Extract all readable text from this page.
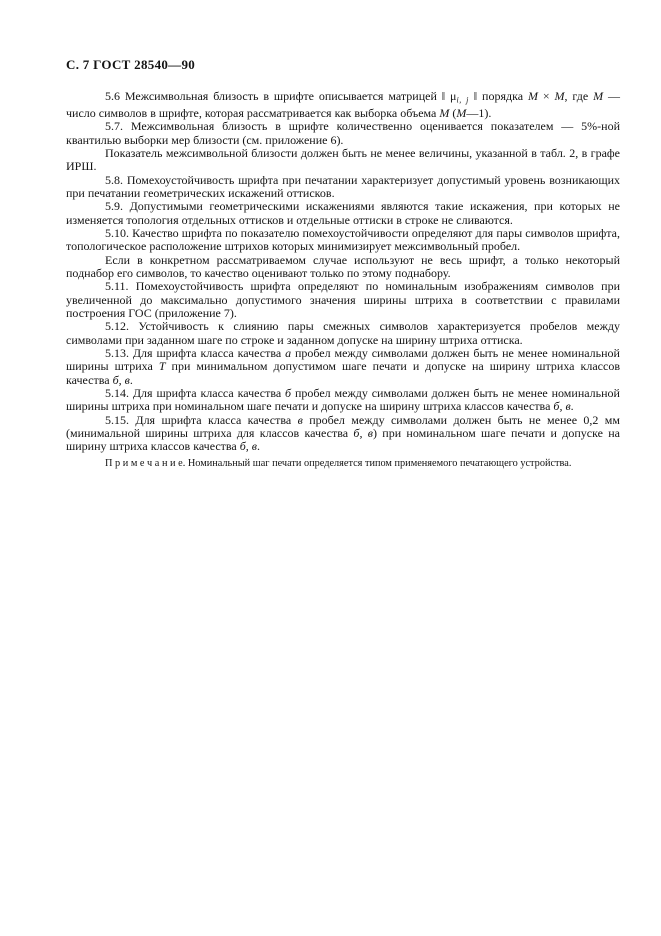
С. 7 ГОСТ 28540—90

5.6 Межсимвольная близость в шрифте описывается матрицей ‖ $\mu_{i, j}$ ‖ порядка M × M, где M — число символов в шрифте, которая рассматривается как выборка объема M (M—1).

5.7. Межсимвольная близость в шрифте количественно оценивается показателем — 5%-ной квантилью выборки мер близости (см. приложение 6).

Показатель межсимвольной близости должен быть не менее величины, указанной в табл. 2, в графе ИРШ.

5.8. Помехоустойчивость шрифта при печатании характеризует допустимый уровень возникающих при печатании геометрических искажений оттисков.

5.9. Допустимыми геометрическими искажениями являются такие искажения, при которых не изменяется топология отдельных оттисков и отдельные оттиски в строке не сливаются.

5.10. Качество шрифта по показателю помехоустойчивости определяют для пары символов шрифта, топологическое расположение штрихов которых минимизирует межсимвольный пробел.

Если в конкретном рассматриваемом случае используют не весь шрифт, а только некоторый поднабор его символов, то качество оценивают только по этому поднабору.

5.11. Помехоустойчивость шрифта определяют по номинальным изображениям символов при увеличенной до максимально допустимого значения ширины штриха в соответствии с правилами построения ГОС (приложение 7).

5.12. Устойчивость к слиянию пары смежных символов характеризуется пробелов между символами при заданном шаге по строке и заданном допуске на ширину штриха оттиска.

5.13. Для шрифта класса качества а пробел между символами должен быть не менее номинальной ширины штриха Т при минимальном допустимом шаге печати и допуске на ширину штриха классов качества б, в.

5.14. Для шрифта класса качества б пробел между символами должен быть не менее номинальной ширины штриха при номинальном шаге печати и допуске на ширину штриха классов качества б, в.

5.15. Для шрифта класса качества в пробел между символами должен быть не менее 0,2 мм (минимальной ширины штриха для классов качества б, в) при номинальном шаге печати и допуске на ширину штриха классов качества б, в.

П р и м е ч а н и е. Номинальный шаг печати определяется типом применяемого печатающего устройства.
